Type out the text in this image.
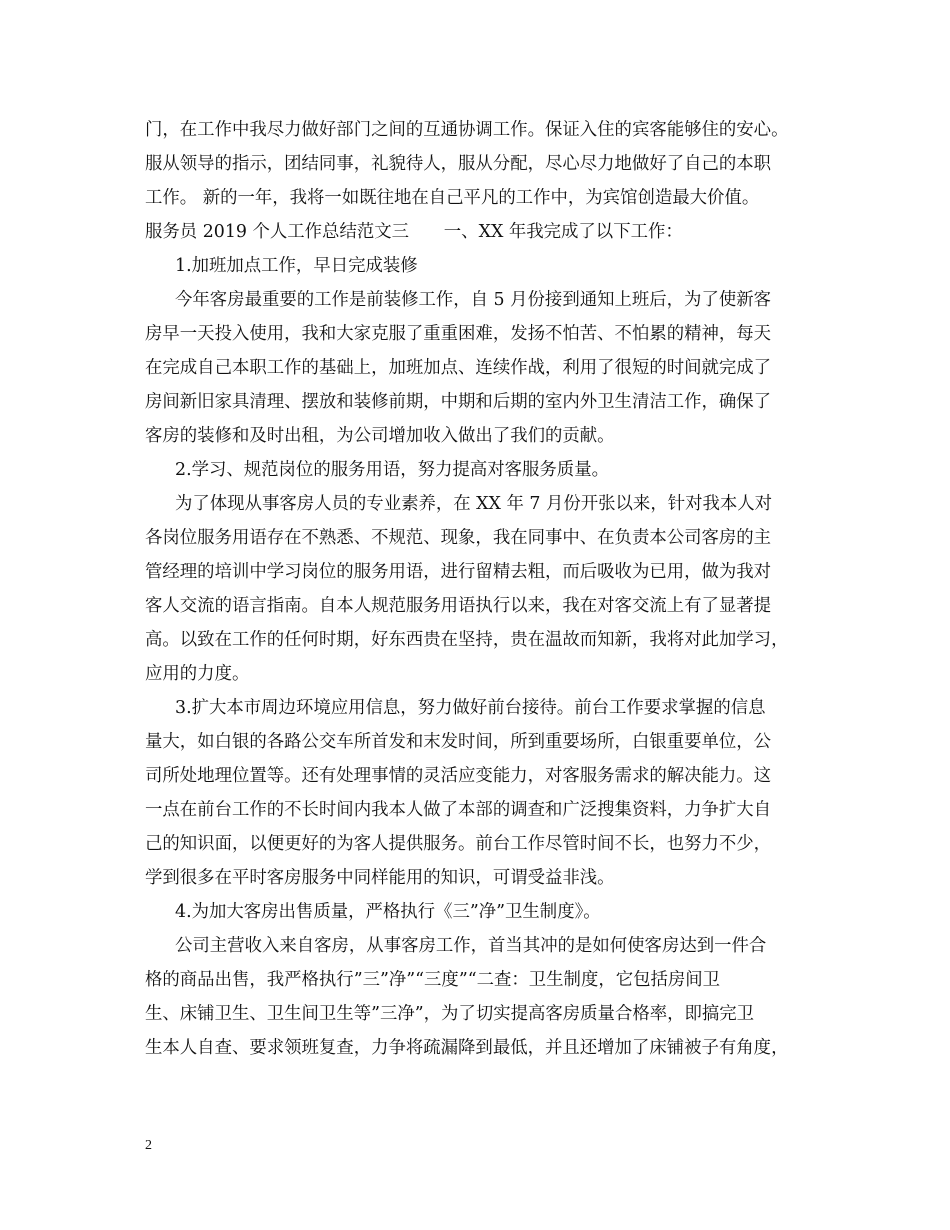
门，在工作中我尽力做好部门之间的互通协调工作。保证入住的宾客能够住的安心。
服从领导的指示，团结同事，礼貌待人，服从分配，尽心尽力地做好了自己的本职
工作。 新的一年，我将一如既往地在自己平凡的工作中，为宾馆创造最大价值。
服务员 2019 个人工作总结范文三　　一、XX 年我完成了以下工作：
1.加班加点工作，早日完成装修
今年客房最重要的工作是前装修工作，自 5 月份接到通知上班后，为了使新客
房早一天投入使用，我和大家克服了重重困难，发扬不怕苦、不怕累的精神，每天
在完成自己本职工作的基础上，加班加点、连续作战，利用了很短的时间就完成了
房间新旧家具清理、摆放和装修前期，中期和后期的室内外卫生清洁工作，确保了
客房的装修和及时出租，为公司增加收入做出了我们的贡献。
2.学习、规范岗位的服务用语，努力提高对客服务质量。
为了体现从事客房人员的专业素养，在 XX 年 7 月份开张以来，针对我本人对
各岗位服务用语存在不熟悉、不规范、现象，我在同事中、在负责本公司客房的主
管经理的培训中学习岗位的服务用语，进行留精去粗，而后吸收为已用，做为我对
客人交流的语言指南。自本人规范服务用语执行以来，我在对客交流上有了显著提
高。以致在工作的任何时期，好东西贵在坚持，贵在温故而知新，我将对此加学习，
应用的力度。
3.扩大本市周边环境应用信息，努力做好前台接待。前台工作要求掌握的信息
量大，如白银的各路公交车所首发和末发时间，所到重要场所，白银重要单位，公
司所处地理位置等。还有处理事情的灵活应变能力，对客服务需求的解决能力。这
一点在前台工作的不长时间内我本人做了本部的调查和广泛搜集资料，力争扩大自
己的知识面，以便更好的为客人提供服务。前台工作尽管时间不长，也努力不少，
学到很多在平时客房服务中同样能用的知识，可谓受益非浅。
4.为加大客房出售质量，严格执行《三”净”卫生制度》。
公司主营收入来自客房，从事客房工作，首当其冲的是如何使客房达到一件合
格的商品出售，我严格执行”三”净”“三度”“二查：卫生制度，它包括房间卫
生、床铺卫生、卫生间卫生等”三净”，为了切实提高客房质量合格率，即搞完卫
生本人自查、要求领班复查，力争将疏漏降到最低，并且还增加了床铺被子有角度，
2
